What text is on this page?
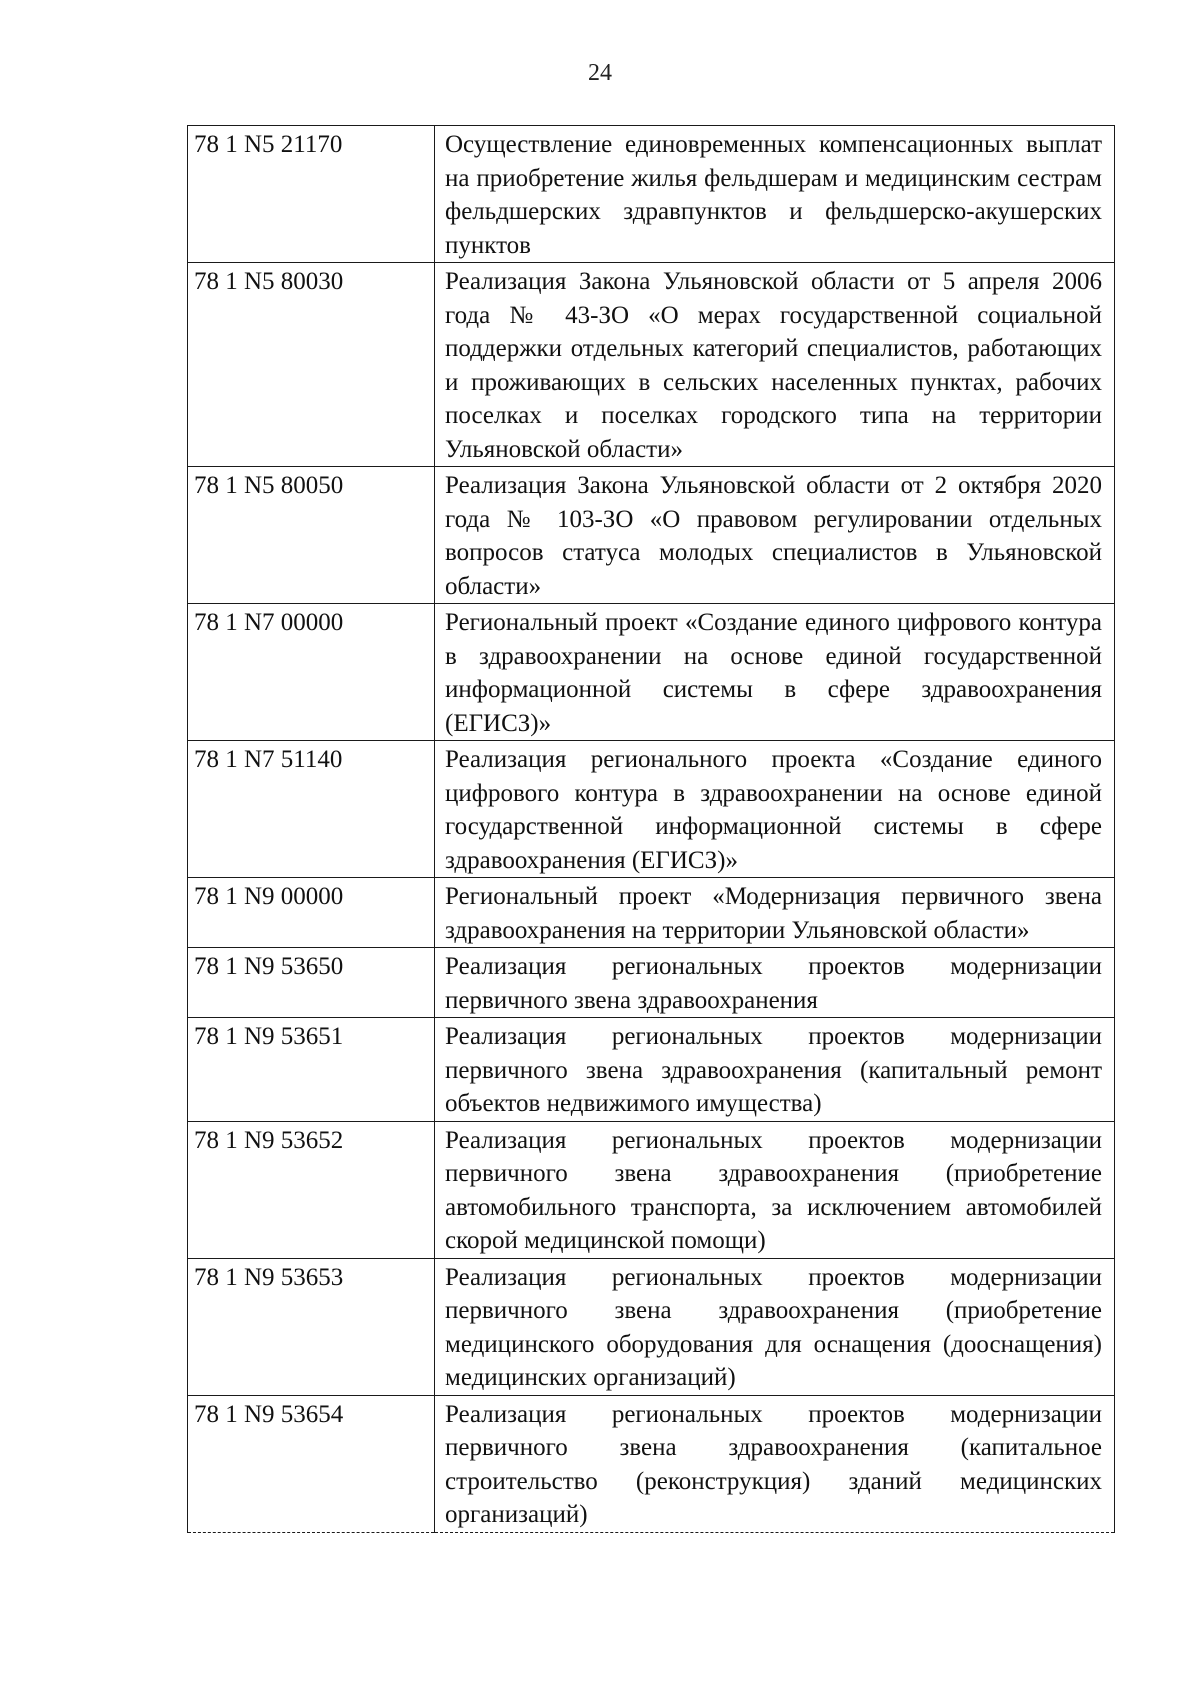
24
78 1 N5 21170	Осуществление единовременных компенсационных выплат на приобретение жилья фельдшерам и медицинским сестрам фельдшерских здравпунктов и фельдшерско-акушерских пунктов
78 1 N5 80030	Реализация Закона Ульяновской области от 5 апреля 2006 года № 43-ЗО «О мерах государственной социальной поддержки отдельных категорий специалистов, работающих и проживающих в сельских населенных пунктах, рабочих поселках и поселках городского типа на территории Ульяновской области»
78 1 N5 80050	Реализация Закона Ульяновской области от 2 октября 2020 года № 103-ЗО «О правовом регулировании отдельных вопросов статуса молодых специалистов в Ульяновской области»
78 1 N7 00000	Региональный проект «Создание единого цифрового контура в здравоохранении на основе единой государственной информационной системы в сфере здравоохранения (ЕГИСЗ)»
78 1 N7 51140	Реализация регионального проекта «Создание единого цифрового контура в здравоохранении на основе единой государственной информационной системы в сфере здравоохранения (ЕГИСЗ)»
78 1 N9 00000	Региональный проект «Модернизация первичного звена здравоохранения на территории Ульяновской области»
78 1 N9 53650	Реализация региональных проектов модернизации первичного звена здравоохранения
78 1 N9 53651	Реализация региональных проектов модернизации первичного звена здравоохранения (капитальный ремонт объектов недвижимого имущества)
78 1 N9 53652	Реализация региональных проектов модернизации первичного звена здравоохранения (приобретение автомобильного транспорта, за исключением автомобилей скорой медицинской помощи)
78 1 N9 53653	Реализация региональных проектов модернизации первичного звена здравоохранения (приобретение медицинского оборудования для оснащения (дооснащения) медицинских организаций)
78 1 N9 53654	Реализация региональных проектов модернизации первичного звена здравоохранения (капитальное строительство (реконструкция) зданий медицинских организаций)
